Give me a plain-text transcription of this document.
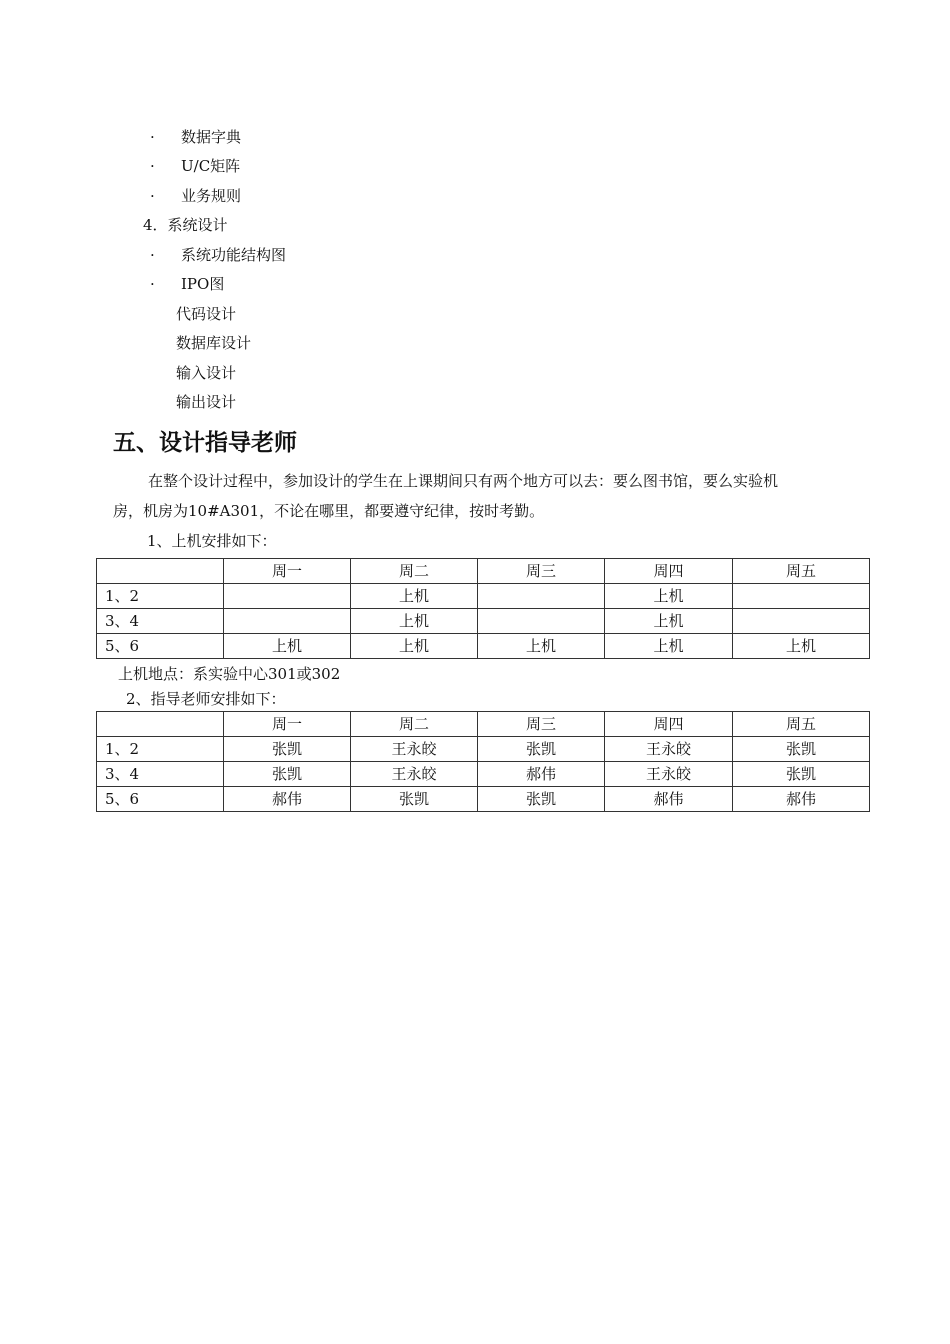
· 数据字典
· U/C矩阵
· 业务规则
4．系统设计
· 系统功能结构图
· IPO图
代码设计
数据库设计
输入设计
输出设计
五、设计指导老师
在整个设计过程中，参加设计的学生在上课期间只有两个地方可以去：要么图书馆，要么实验机
房，机房为10#A301，不论在哪里，都要遵守纪律，按时考勤。
1、上机安排如下：
	周一	周二	周三	周四	周五
1、2		上机		上机	
3、4		上机		上机	
5、6	上机	上机	上机	上机	上机
上机地点：系实验中心301或302
2、指导老师安排如下：
	周一	周二	周三	周四	周五
1、2	张凯	王永皎	张凯	王永皎	张凯
3、4	张凯	王永皎	郝伟	王永皎	张凯
5、6	郝伟	张凯	张凯	郝伟	郝伟
